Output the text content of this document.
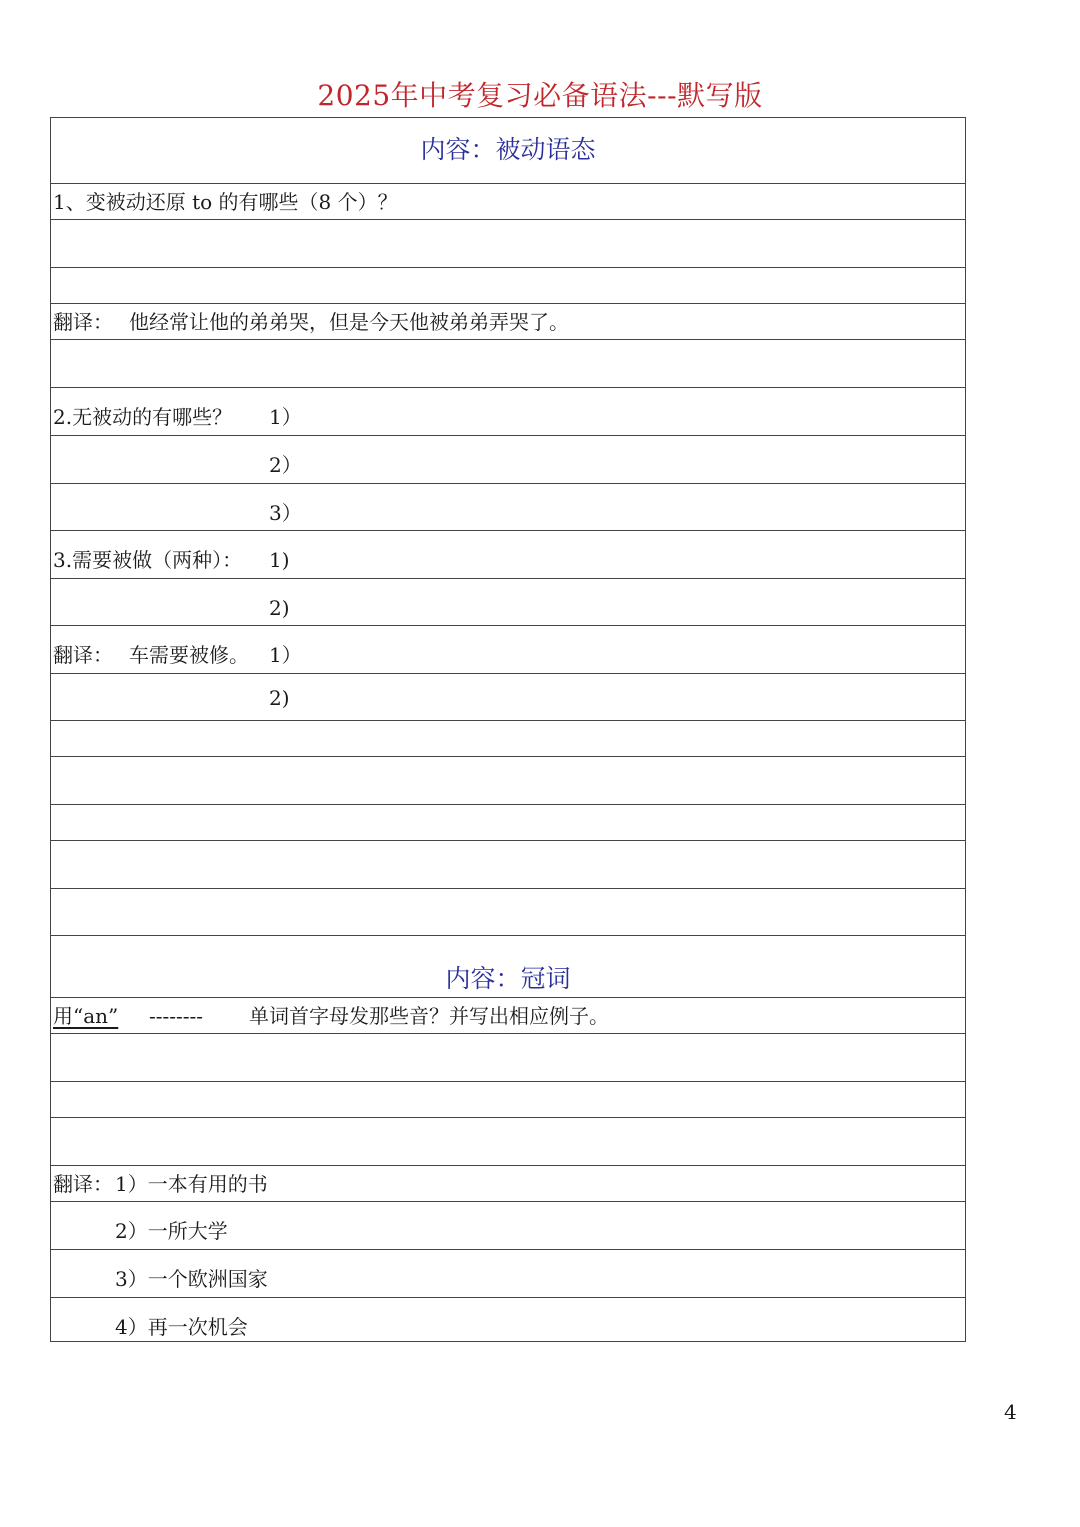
2025年中考复习必备语法---默写版
内容：被动语态
1、变被动还原 to 的有哪些（8 个）？
翻译： 他经常让他的弟弟哭，但是今天他被弟弟弄哭了。
2.无被动的有哪些？ 1）
2）
3）
3.需要被做（两种）： 1)
2)
翻译： 车需要被修。 1）
2)
内容：冠词
用“an” -------- 单词首字母发那些音？并写出相应例子。
翻译： 1）一本有用的书
2）一所大学
3）一个欧洲国家
4）再一次机会
4
